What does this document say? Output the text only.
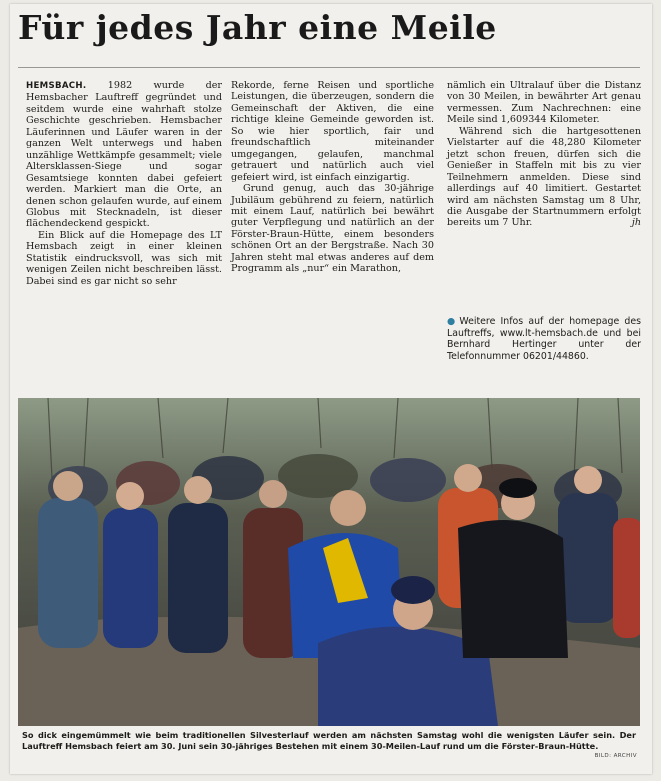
Für jedes Jahr eine Meile

HEMSBACH. 1982 wurde der Hemsbacher Lauftreff gegründet und seitdem wurde eine wahrhaft stolze Geschichte geschrieben. Hemsbacher Läuferinnen und Läufer waren in der ganzen Welt unterwegs und haben unzählige Wettkämpfe gesammelt; viele Altersklassen-Siege und sogar Gesamtsiege konnten dabei gefeiert werden. Markiert man die Orte, an denen schon gelaufen wurde, auf einem Globus mit Stecknadeln, ist dieser flächendeckend gespickt.

Ein Blick auf die Homepage des LT Hemsbach zeigt in einer kleinen Statistik eindrucksvoll, was sich mit wenigen Zeilen nicht beschreiben lässt. Dabei sind es gar nicht so sehr

Rekorde, ferne Reisen und sportliche Leistungen, die überzeugen, sondern die Gemeinschaft der Aktiven, die eine richtige kleine Gemeinde geworden ist. So wie hier sportlich, fair und freundschaftlich miteinander umgegangen, gelaufen, manchmal getrauert und natürlich auch viel gefeiert wird, ist einfach einzigartig.

Grund genug, auch das 30-jährige Jubiläum gebührend zu feiern, natürlich mit einem Lauf, natürlich bei bewährt guter Verpflegung und natürlich an der Förster-Braun-Hütte, einem besonders schönen Ort an der Bergstraße. Nach 30 Jahren steht mal etwas anderes auf dem Programm als „nur“ ein Marathon,

nämlich ein Ultralauf über die Distanz von 30 Meilen, in bewährter Art genau vermessen. Zum Nachrechnen: eine Meile sind 1,609344 Kilometer.

Während sich die hartgesottenen Vielstarter auf die 48,280 Kilometer jetzt schon freuen, dürfen sich die Genießer in Staffeln mit bis zu vier Teilnehmern anmelden. Diese sind allerdings auf 40 limitiert. Gestartet wird am nächsten Samstag um 8 Uhr, die Ausgabe der Startnummern erfolgt bereits um 7 Uhr.	jh

● Weitere Infos auf der homepage des Lauftreffs, www.lt-hemsbach.de und bei Bernhard Hertinger unter der Telefonnummer 06201/44860.
So dick eingemümmelt wie beim traditionellen Silvesterlauf werden am nächsten Samstag wohl die wenigsten Läufer sein. Der Lauftreff Hemsbach feiert am 30. Juni sein 30-jähriges Bestehen mit einem 30-Meilen-Lauf rund um die Förster-Braun-Hütte.
BILD: ARCHIV
